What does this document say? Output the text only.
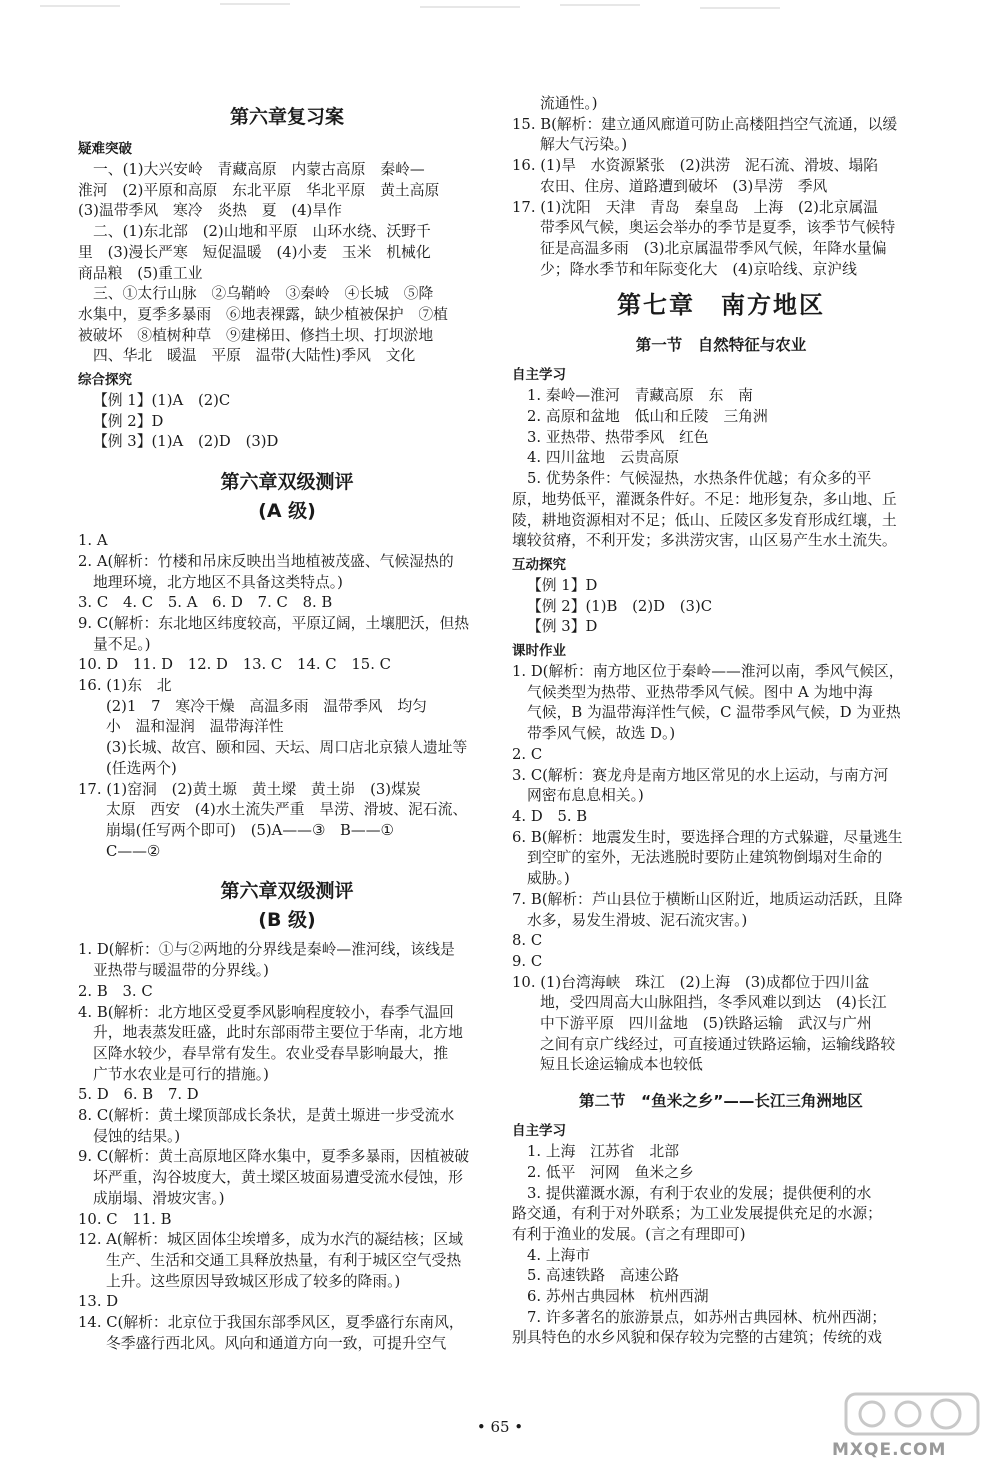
第六章复习案
疑难突破
一、(1)大兴安岭　青藏高原　内蒙古高原　秦岭—
淮河　(2)平原和高原　东北平原　华北平原　黄土高原
(3)温带季风　寒冷　炎热　夏　(4)旱作
二、(1)东北部　(2)山地和平原　山环水绕、沃野千
里　(3)漫长严寒　短促温暖　(4)小麦　玉米　机械化
商品粮　(5)重工业
三、①太行山脉　②乌鞘岭　③秦岭　④长城　⑤降
水集中，夏季多暴雨　⑥地表裸露，缺少植被保护　⑦植
被破坏　⑧植树种草　⑨建梯田、修挡土坝、打坝淤地
四、华北　暖温　平原　温带(大陆性)季风　文化
综合探究
【例 1】(1)A　(2)C
【例 2】D
【例 3】(1)A　(2)D　(3)D
第六章双级测评
(A 级)
1. A
2. A(解析：竹楼和吊床反映出当地植被茂盛、气候湿热的
地理环境，北方地区不具备这类特点。)
3. C　4. C　5. A　6. D　7. C　8. B
9. C(解析：东北地区纬度较高，平原辽阔，土壤肥沃，但热
量不足。)
10. D　11. D　12. D　13. C　14. C　15. C
16. (1)东　北
(2)1　7　寒冷干燥　高温多雨　温带季风　均匀
小　温和湿润　温带海洋性
(3)长城、故宫、颐和园、天坛、周口店北京猿人遗址等
(任选两个)
17. (1)窑洞　(2)黄土塬　黄土墚　黄土峁　(3)煤炭
太原　西安　(4)水土流失严重　旱涝、滑坡、泥石流、
崩塌(任写两个即可)　(5)A——③　B——①
C——②
第六章双级测评
(B 级)
1. D(解析：①与②两地的分界线是秦岭—淮河线，该线是
亚热带与暖温带的分界线。)
2. B　3. C
4. B(解析：北方地区受夏季风影响程度较小，春季气温回
升，地表蒸发旺盛，此时东部雨带主要位于华南，北方地
区降水较少，春旱常有发生。农业受春旱影响最大，推
广节水农业是可行的措施。)
5. D　6. B　7. D
8. C(解析：黄土墚顶部成长条状，是黄土塬进一步受流水
侵蚀的结果。)
9. C(解析：黄土高原地区降水集中，夏季多暴雨，因植被破
坏严重，沟谷坡度大，黄土墚区坡面易遭受流水侵蚀，形
成崩塌、滑坡灾害。)
10. C　11. B
12. A(解析：城区固体尘埃增多，成为水汽的凝结核；区域
生产、生活和交通工具释放热量，有利于城区空气受热
上升。这些原因导致城区形成了较多的降雨。)
13. D
14. C(解析：北京位于我国东部季风区，夏季盛行东南风，
冬季盛行西北风。风向和通道方向一致，可提升空气
流通性。)
15. B(解析：建立通风廊道可防止高楼阻挡空气流通，以缓
解大气污染。)
16. (1)旱　水资源紧张　(2)洪涝　泥石流、滑坡、塌陷
农田、住房、道路遭到破坏　(3)旱涝　季风
17. (1)沈阳　天津　青岛　秦皇岛　上海　(2)北京属温
带季风气候，奥运会举办的季节是夏季，该季节气候特
征是高温多雨　(3)北京属温带季风气候，年降水量偏
少；降水季节和年际变化大　(4)京哈线、京沪线
第七章　南方地区
第一节　自然特征与农业
自主学习
1. 秦岭—淮河　青藏高原　东　南
2. 高原和盆地　低山和丘陵　三角洲
3. 亚热带、热带季风　红色
4. 四川盆地　云贵高原
5. 优势条件：气候湿热，水热条件优越；有众多的平
原，地势低平，灌溉条件好。不足：地形复杂，多山地、丘
陵，耕地资源相对不足；低山、丘陵区多发育形成红壤，土
壤较贫瘠，不利开发；多洪涝灾害，山区易产生水土流失。
互动探究
【例 1】D
【例 2】(1)B　(2)D　(3)C
【例 3】D
课时作业
1. D(解析：南方地区位于秦岭——淮河以南，季风气候区，
气候类型为热带、亚热带季风气候。图中 A 为地中海
气候，B 为温带海洋性气候，C 温带季风气候，D 为亚热
带季风气候，故选 D。)
2. C
3. C(解析：赛龙舟是南方地区常见的水上运动，与南方河
网密布息息相关。)
4. D　5. B
6. B(解析：地震发生时，要选择合理的方式躲避，尽量逃生
到空旷的室外，无法逃脱时要防止建筑物倒塌对生命的
威胁。)
7. B(解析：芦山县位于横断山区附近，地质运动活跃，且降
水多，易发生滑坡、泥石流灾害。)
8. C
9. C
10. (1)台湾海峡　珠江　(2)上海　(3)成都位于四川盆
地，受四周高大山脉阻挡，冬季风难以到达　(4)长江
中下游平原　四川盆地　(5)铁路运输　武汉与广州
之间有京广线经过，可直接通过铁路运输，运输线路较
短且长途运输成本也较低
第二节　“鱼米之乡”——长江三角洲地区
自主学习
1. 上海　江苏省　北部
2. 低平　河网　鱼米之乡
3. 提供灌溉水源，有利于农业的发展；提供便利的水
路交通，有利于对外联系；为工业发展提供充足的水源；
有利于渔业的发展。(言之有理即可)
4. 上海市
5. 高速铁路　高速公路
6. 苏州古典园林　杭州西湖
7. 许多著名的旅游景点，如苏州古典园林、杭州西湖；
别具特色的水乡风貌和保存较为完整的古建筑；传统的戏
• 65 •
MXQE.COM
